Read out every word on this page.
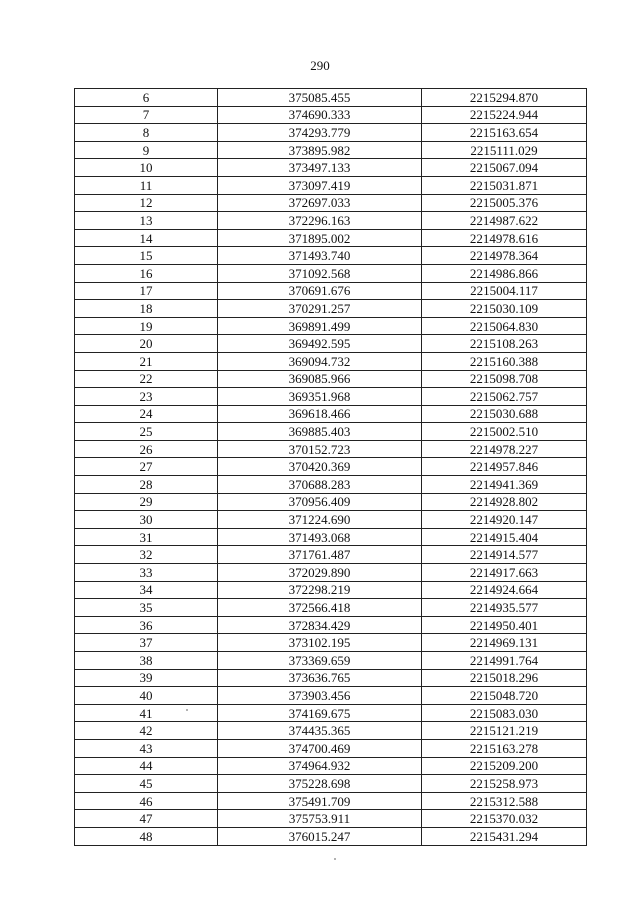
290
6	375085.455	2215294.870
7	374690.333	2215224.944
8	374293.779	2215163.654
9	373895.982	2215111.029
10	373497.133	2215067.094
11	373097.419	2215031.871
12	372697.033	2215005.376
13	372296.163	2214987.622
14	371895.002	2214978.616
15	371493.740	2214978.364
16	371092.568	2214986.866
17	370691.676	2215004.117
18	370291.257	2215030.109
19	369891.499	2215064.830
20	369492.595	2215108.263
21	369094.732	2215160.388
22	369085.966	2215098.708
23	369351.968	2215062.757
24	369618.466	2215030.688
25	369885.403	2215002.510
26	370152.723	2214978.227
27	370420.369	2214957.846
28	370688.283	2214941.369
29	370956.409	2214928.802
30	371224.690	2214920.147
31	371493.068	2214915.404
32	371761.487	2214914.577
33	372029.890	2214917.663
34	372298.219	2214924.664
35	372566.418	2214935.577
36	372834.429	2214950.401
37	373102.195	2214969.131
38	373369.659	2214991.764
39	373636.765	2215018.296
40	373903.456	2215048.720
41	374169.675	2215083.030
42	374435.365	2215121.219
43	374700.469	2215163.278
44	374964.932	2215209.200
45	375228.698	2215258.973
46	375491.709	2215312.588
47	375753.911	2215370.032
48	376015.247	2215431.294
